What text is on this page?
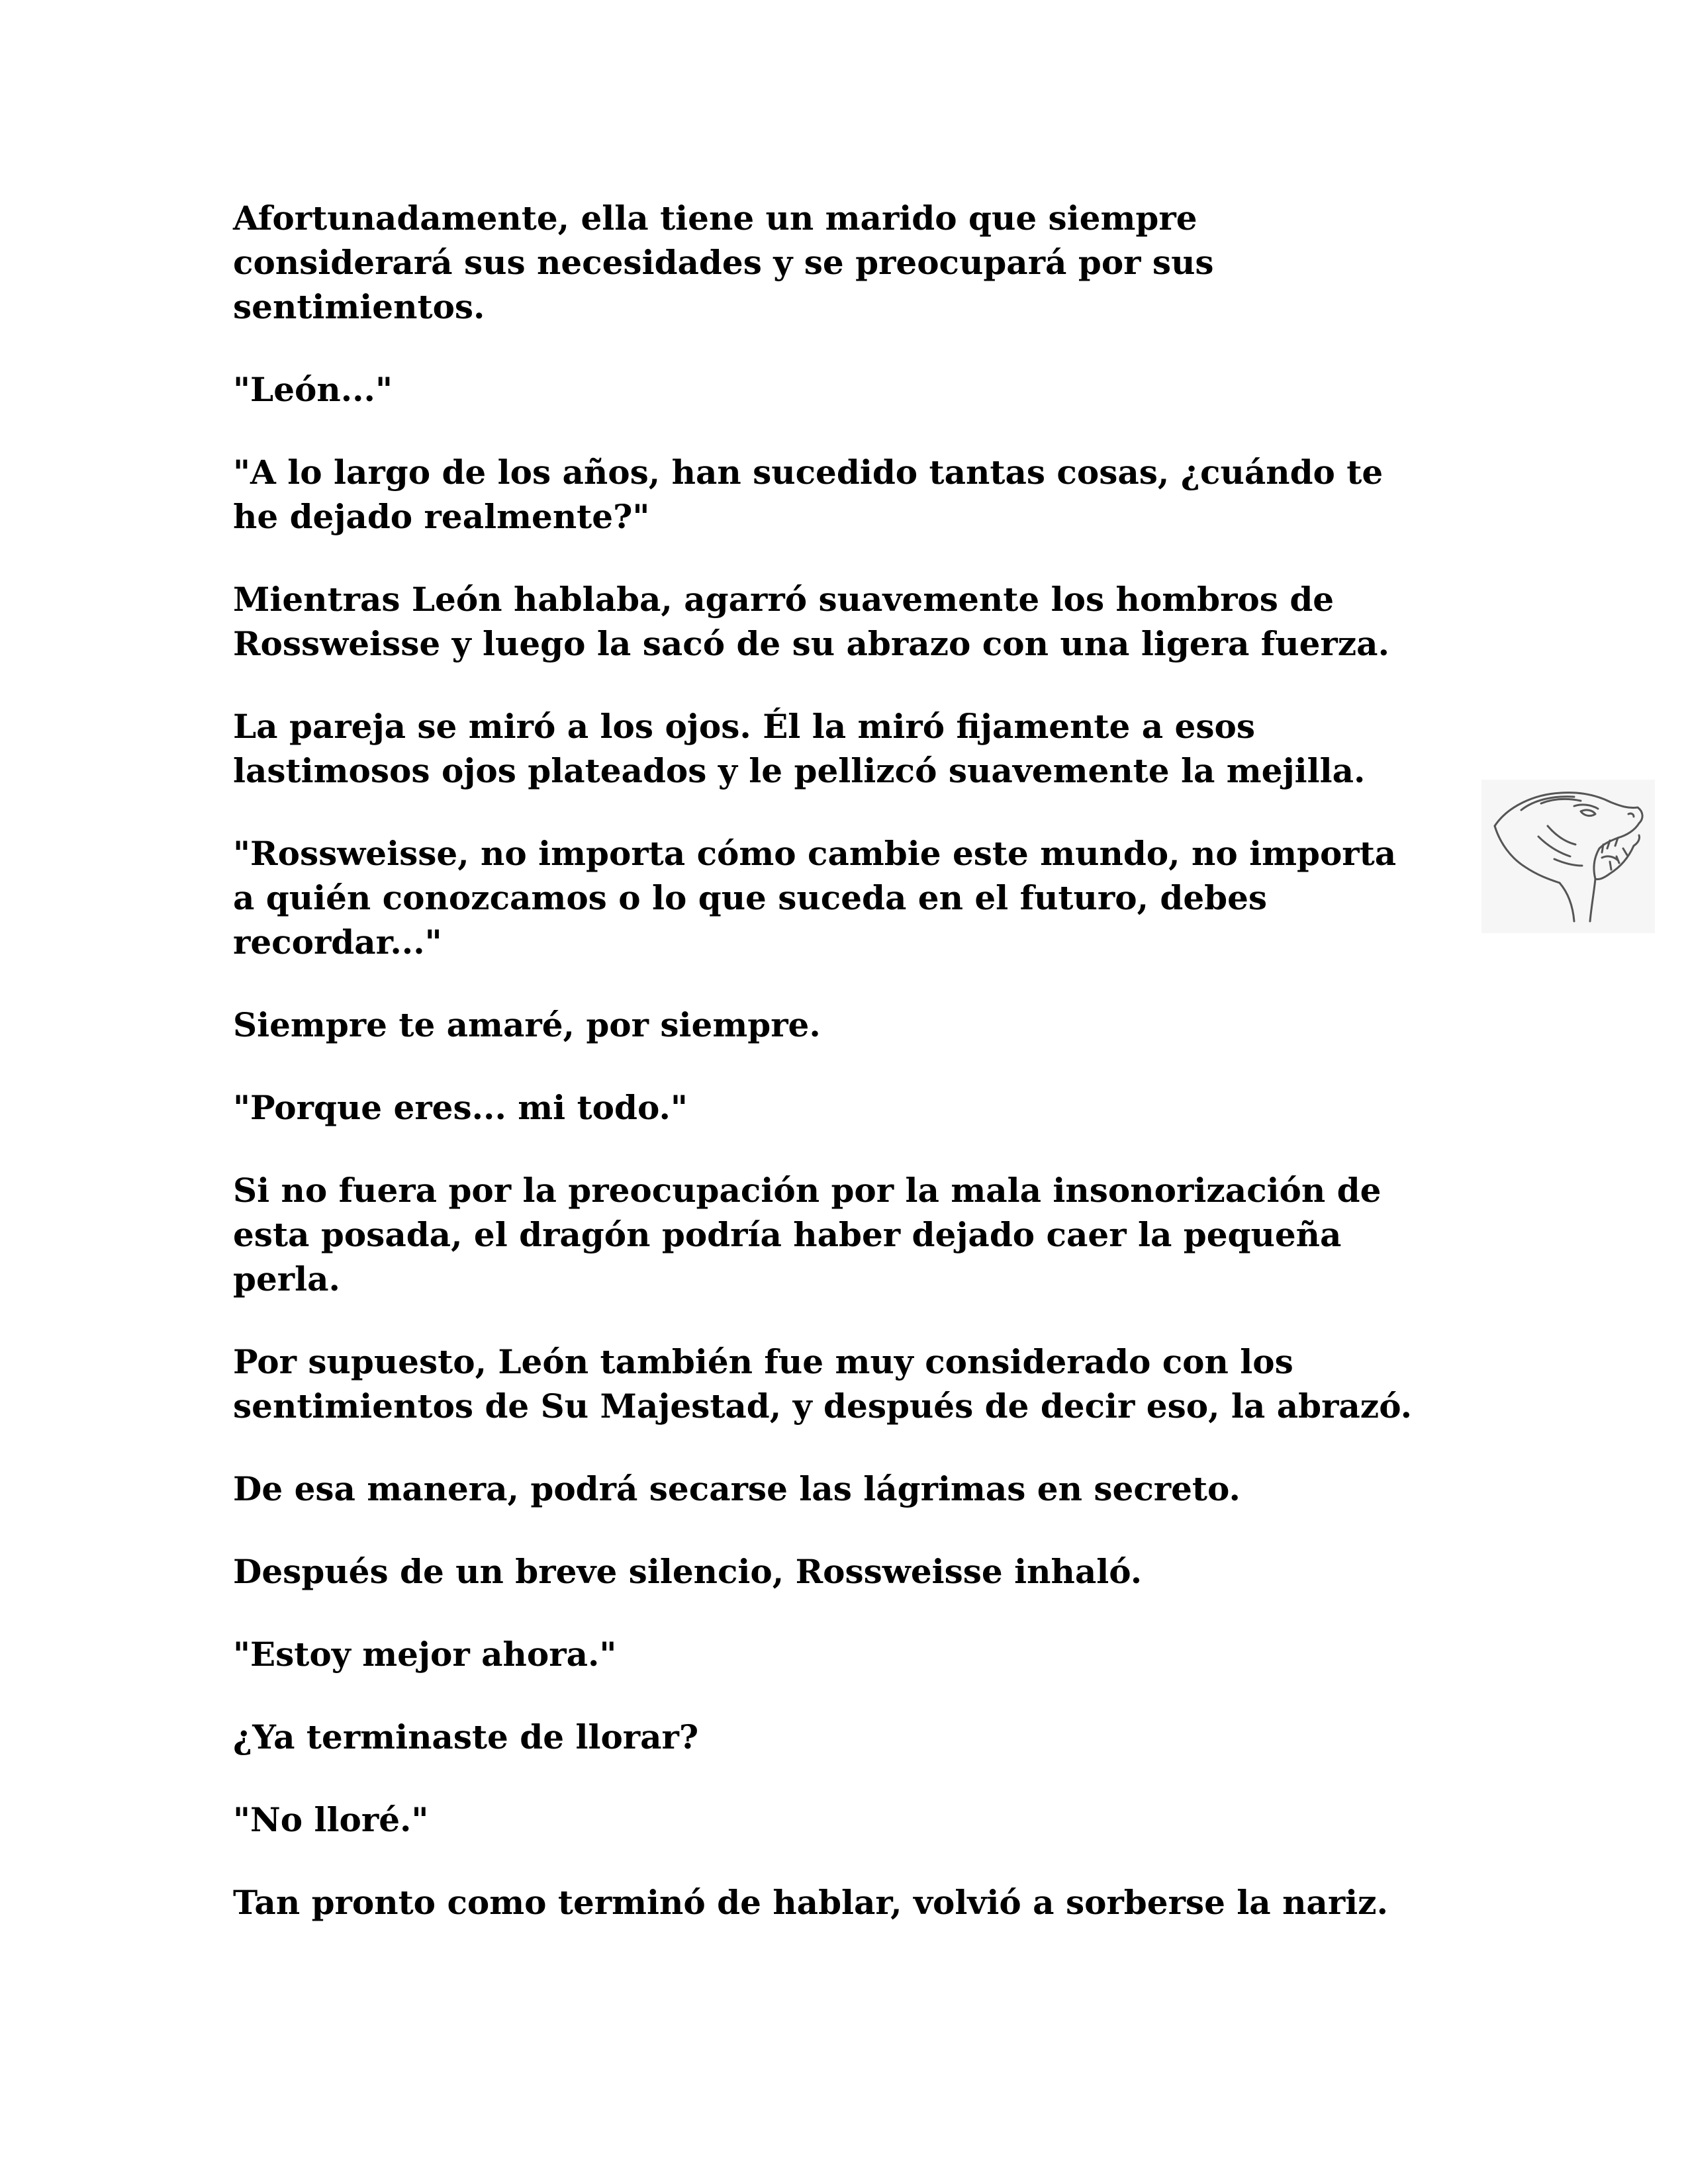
Afortunadamente, ella tiene un marido que siempre
considerará sus necesidades y se preocupará por sus
sentimientos.

"León..."

"A lo largo de los años, han sucedido tantas cosas, ¿cuándo te
he dejado realmente?"

Mientras León hablaba, agarró suavemente los hombros de
Rossweisse y luego la sacó de su abrazo con una ligera fuerza.

La pareja se miró a los ojos. Él la miró fijamente a esos
lastimosos ojos plateados y le pellizcó suavemente la mejilla.

"Rossweisse, no importa cómo cambie este mundo, no importa
a quién conozcamos o lo que suceda en el futuro, debes
recordar..."

Siempre te amaré, por siempre.

"Porque eres... mi todo."

Si no fuera por la preocupación por la mala insonorización de
esta posada, el dragón podría haber dejado caer la pequeña
perla.

Por supuesto, León también fue muy considerado con los
sentimientos de Su Majestad, y después de decir eso, la abrazó.

De esa manera, podrá secarse las lágrimas en secreto.

Después de un breve silencio, Rossweisse inhaló.

"Estoy mejor ahora."

¿Ya terminaste de llorar?

"No lloré."

Tan pronto como terminó de hablar, volvió a sorberse la nariz.
